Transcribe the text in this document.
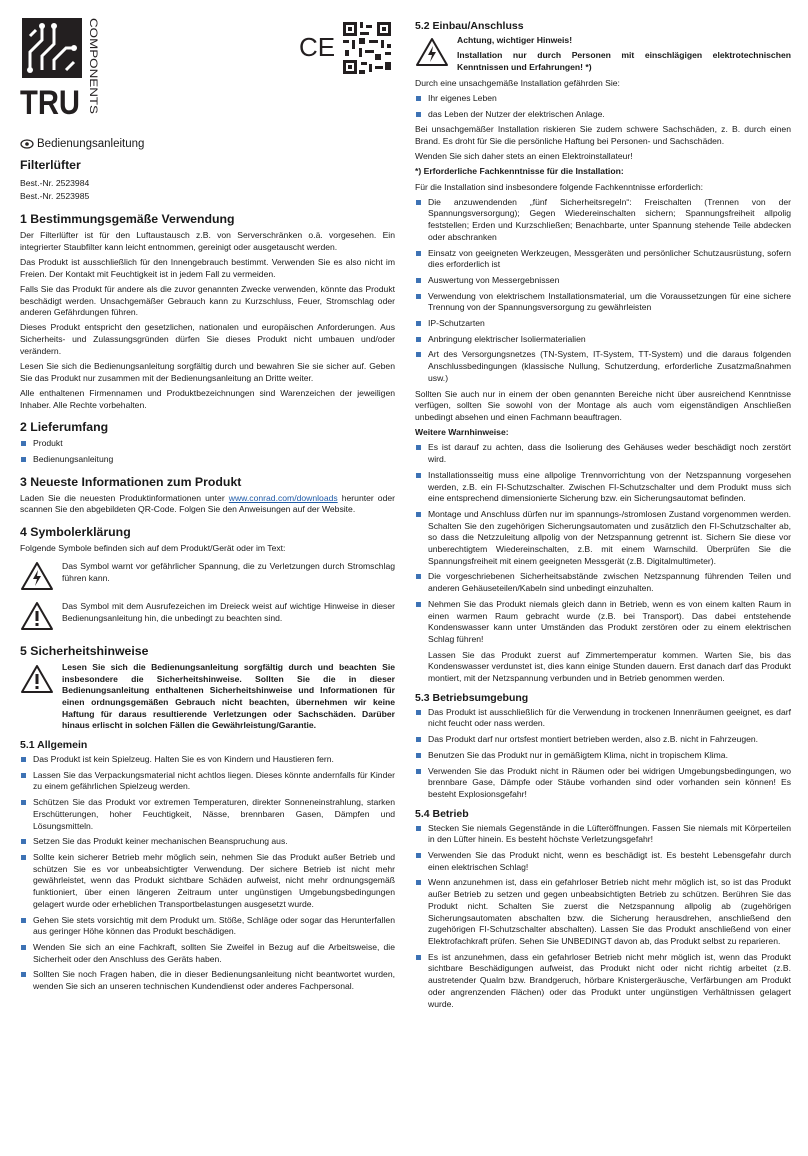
TRU
COMPONENTS	CE
Bedienungsanleitung
Filterlüfter
Best.-Nr. 2523984
Best.-Nr. 2523985
1 Bestimmungsgemäße Verwendung

Der Filterlüfter ist für den Luftaustausch z.B. von Serverschränken o.ä. vorgesehen. Ein integrierter Staubfilter kann leicht entnommen, gereinigt oder ausgetauscht werden.

Das Produkt ist ausschließlich für den Innengebrauch bestimmt. Verwenden Sie es also nicht im Freien. Der Kontakt mit Feuchtigkeit ist in jedem Fall zu vermeiden.

Falls Sie das Produkt für andere als die zuvor genannten Zwecke verwenden, könnte das Produkt beschädigt werden. Unsachgemäßer Gebrauch kann zu Kurzschluss, Feuer, Stromschlag oder anderen Gefährdungen führen.

Dieses Produkt entspricht den gesetzlichen, nationalen und europäischen Anforderungen. Aus Sicherheits- und Zulassungsgründen dürfen Sie dieses Produkt nicht umbauen und/oder verändern.

Lesen Sie sich die Bedienungsanleitung sorgfältig durch und bewahren Sie sie sicher auf. Geben Sie das Produkt nur zusammen mit der Bedienungsanleitung an Dritte weiter.

Alle enthaltenen Firmennamen und Produktbezeichnungen sind Warenzeichen der jeweiligen Inhaber. Alle Rechte vorbehalten.

2 Lieferumfang
Produkt
Bedienungsanleitung
3 Neueste Informationen zum Produkt

Laden Sie die neuesten Produktinformationen unter www.conrad.com/downloads herunter oder scannen Sie den abgebildeten QR-Code. Folgen Sie den Anweisungen auf der Website.

4 Symbolerklärung

Folgende Symbole befinden sich auf dem Produkt/Gerät oder im Text:

Das Symbol warnt vor gefährlicher Spannung, die zu Verletzungen durch Stromschlag führen kann.

Das Symbol mit dem Ausrufezeichen im Dreieck weist auf wichtige Hinweise in dieser Bedienungsanleitung hin, die unbedingt zu beachten sind.

5 Sicherheitshinweise

Lesen Sie sich die Bedienungsanleitung sorgfältig durch und beachten Sie insbesondere die Sicherheitshinweise. Sollten Sie die in dieser Bedienungsanleitung enthaltenen Sicherheitshinweise und Informationen für einen ordnungsgemäßen Gebrauch nicht beachten, übernehmen wir keine Haftung für daraus resultierende Verletzungen oder Sachschäden. Darüber hinaus erlischt in solchen Fällen die Gewährleistung/Garantie.

5.1 Allgemein
Das Produkt ist kein Spielzeug. Halten Sie es von Kindern und Haustieren fern.
Lassen Sie das Verpackungsmaterial nicht achtlos liegen. Dieses könnte andernfalls für Kinder zu einem gefährlichen Spielzeug werden.
Schützen Sie das Produkt vor extremen Temperaturen, direkter Sonneneinstrahlung, starken Erschütterungen, hoher Feuchtigkeit, Nässe, brennbaren Gasen, Dämpfen und Lösungsmitteln.
Setzen Sie das Produkt keiner mechanischen Beanspruchung aus.
Sollte kein sicherer Betrieb mehr möglich sein, nehmen Sie das Produkt außer Betrieb und schützen Sie es vor unbeabsichtigter Verwendung. Der sichere Betrieb ist nicht mehr gewährleistet, wenn das Produkt sichtbare Schäden aufweist, nicht mehr ordnungsgemäß funktioniert, über einen längeren Zeitraum unter ungünstigen Umgebungsbedingungen gelagert wurde oder erheblichen Transportbelastungen ausgesetzt wurde.
Gehen Sie stets vorsichtig mit dem Produkt um. Stöße, Schläge oder sogar das Herunterfallen aus geringer Höhe können das Produkt beschädigen.
Wenden Sie sich an eine Fachkraft, sollten Sie Zweifel in Bezug auf die Arbeitsweise, die Sicherheit oder den Anschluss des Geräts haben.
Sollten Sie noch Fragen haben, die in dieser Bedienungsanleitung nicht beantwortet wurden, wenden Sie sich an unseren technischen Kundendienst oder anderes Fachpersonal.
5.2 Einbau/Anschluss

Achtung, wichtiger Hinweis!

Installation nur durch Personen mit einschlägigen elektrotechnischen Kenntnissen und Erfahrungen! *)

Durch eine unsachgemäße Installation gefährden Sie:

Ihr eigenes Leben
das Leben der Nutzer der elektrischen Anlage.

Bei unsachgemäßer Installation riskieren Sie zudem schwere Sachschäden, z. B. durch einen Brand. Es droht für Sie die persönliche Haftung bei Personen- und Sachschäden.

Wenden Sie sich daher stets an einen Elektroinstallateur!

*) Erforderliche Fachkenntnisse für die Installation:

Für die Installation sind insbesondere folgende Fachkenntnisse erforderlich:

Die anzuwendenden „fünf Sicherheitsregeln“: Freischalten (Trennen von der Spannungsversorgung); Gegen Wiedereinschalten sichern; Spannungsfreiheit allpolig feststellen; Erden und Kurzschließen; Benachbarte, unter Spannung stehende Teile abdecken oder abschranken
Einsatz von geeigneten Werkzeugen, Messgeräten und persönlicher Schutzausrüstung, sofern dies erforderlich ist
Auswertung von Messergebnissen
Verwendung von elektrischem Installationsmaterial, um die Voraussetzungen für eine sichere Trennung von der Spannungsversorgung zu gewährleisten
IP-Schutzarten
Anbringung elektrischer Isoliermaterialien
Art des Versorgungsnetzes (TN-System, IT-System, TT-System) und die daraus folgenden Anschlussbedingungen (klassische Nullung, Schutzerdung, erforderliche Zusatzmaßnahmen usw.)

Sollten Sie auch nur in einem der oben genannten Bereiche nicht über ausreichend Kenntnisse verfügen, sollten Sie sowohl von der Montage als auch vom eigenständigen Anschließen unbedingt absehen und einen Fachmann beauftragen.

Weitere Warnhinweise:

Es ist darauf zu achten, dass die Isolierung des Gehäuses weder beschädigt noch zerstört wird.
Installationsseitig muss eine allpolige Trennvorrichtung von der Netzspannung vorgesehen werden, z.B. ein FI-Schutzschalter. Zwischen FI-Schutzschalter und dem Produkt muss sich eine entsprechend dimensionierte Sicherung bzw. ein Sicherungsautomat befinden.
Montage und Anschluss dürfen nur im spannungs-/stromlosen Zustand vorgenommen werden. Schalten Sie den zugehörigen Sicherungsautomaten und zusätzlich den FI-Schutzschalter ab, so dass die Netzzuleitung allpolig von der Netzspannung getrennt ist. Sichern Sie diese vor unberechtigtem Wiedereinschalten, z.B. mit einem Warnschild. Überprüfen Sie die Spannungsfreiheit mit einem geeigneten Messgerät (z.B. Digitalmultimeter).
Die vorgeschriebenen Sicherheitsabstände zwischen Netzspannung führenden Teilen und anderen Gehäuseteilen/Kabeln sind unbedingt einzuhalten.
Nehmen Sie das Produkt niemals gleich dann in Betrieb, wenn es von einem kalten Raum in einen warmen Raum gebracht wurde (z.B. bei Transport). Das dabei entstehende Kondenswasser kann unter Umständen das Produkt zerstören oder zu einem elektrischen Schlag führen!
Lassen Sie das Produkt zuerst auf Zimmertemperatur kommen. Warten Sie, bis das Kondenswasser verdunstet ist, dies kann einige Stunden dauern. Erst danach darf das Produkt montiert, mit der Netzspannung verbunden und in Betrieb genommen werden.
5.3 Betriebsumgebung
Das Produkt ist ausschließlich für die Verwendung in trockenen Innenräumen geeignet, es darf nicht feucht oder nass werden.
Das Produkt darf nur ortsfest montiert betrieben werden, also z.B. nicht in Fahrzeugen.
Benutzen Sie das Produkt nur in gemäßigtem Klima, nicht in tropischem Klima.
Verwenden Sie das Produkt nicht in Räumen oder bei widrigen Umgebungsbedingungen, wo brennbare Gase, Dämpfe oder Stäube vorhanden sind oder vorhanden sein können! Es besteht Explosionsgefahr!
5.4 Betrieb
Stecken Sie niemals Gegenstände in die Lüfteröffnungen. Fassen Sie niemals mit Körperteilen in den Lüfter hinein. Es besteht höchste Verletzungsgefahr!
Verwenden Sie das Produkt nicht, wenn es beschädigt ist. Es besteht Lebensgefahr durch einen elektrischen Schlag!
Wenn anzunehmen ist, dass ein gefahrloser Betrieb nicht mehr möglich ist, so ist das Produkt außer Betrieb zu setzen und gegen unbeabsichtigten Betrieb zu schützen. Berühren Sie das Produkt nicht. Schalten Sie zuerst die Netzspannung allpolig ab (zugehörigen Sicherungsautomaten abschalten bzw. die Sicherung herausdrehen, anschließend den zugehörigen FI-Schutzschalter abschalten). Lassen Sie das Produkt anschließend von einer Elektrofachkraft prüfen. Sehen Sie UNBEDINGT davon ab, das Produkt selbst zu reparieren.
Es ist anzunehmen, dass ein gefahrloser Betrieb nicht mehr möglich ist, wenn das Produkt sichtbare Beschädigungen aufweist, das Produkt nicht oder nicht richtig arbeitet (z.B. austretender Qualm bzw. Brandgeruch, hörbare Knistergeräusche, Verfärbungen am Produkt oder angrenzenden Flächen) oder das Produkt unter ungünstigen Verhältnissen gelagert wurde.
